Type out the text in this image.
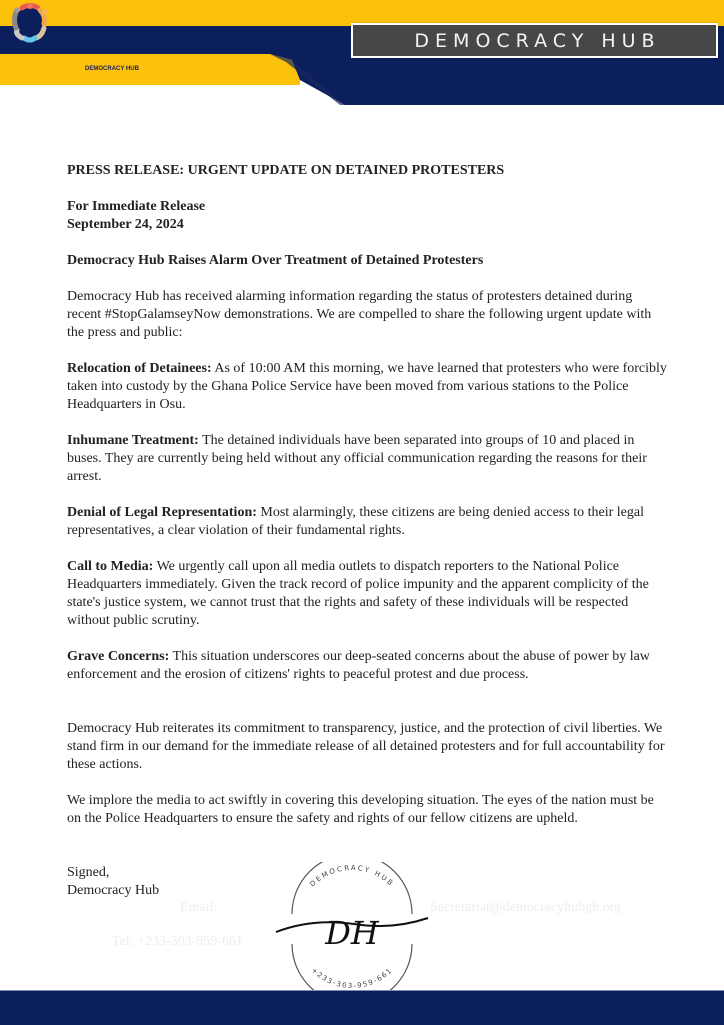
DEMOCRACY HUB
DEMOCRACY HUB
PRESS RELEASE: URGENT UPDATE ON DETAINED PROTESTERS
For Immediate Release
September 24, 2024
Democracy Hub Raises Alarm Over Treatment of Detained Protesters

Democracy Hub has received alarming information regarding the status of protesters detained during recent #StopGalamseyNow demonstrations. We are compelled to share the following urgent update with the press and public:

Relocation of Detainees: As of 10:00 AM this morning, we have learned that protesters who were forcibly taken into custody by the Ghana Police Service have been moved from various stations to the Police Headquarters in Osu.

Inhumane Treatment: The detained individuals have been separated into groups of 10 and placed in buses. They are currently being held without any official communication regarding the reasons for their arrest.

Denial of Legal Representation: Most alarmingly, these citizens are being denied access to their legal representatives, a clear violation of their fundamental rights.

Call to Media: We urgently call upon all media outlets to dispatch reporters to the National Police Headquarters immediately. Given the track record of police impunity and the apparent complicity of the state's justice system, we cannot trust that the rights and safety of these individuals will be respected without public scrutiny.

Grave Concerns: This situation underscores our deep-seated concerns about the abuse of power by law enforcement and the erosion of citizens' rights to peaceful protest and due process.

Democracy Hub reiterates its commitment to transparency, justice, and the protection of civil liberties. We stand firm in our demand for the immediate release of all detained protesters and for full accountability for these actions.

We implore the media to act swiftly in covering this developing situation. The eyes of the nation must be on the Police Headquarters to ensure the safety and rights of our fellow citizens are upheld.

Signed,
Democracy Hub
Email:
Tel: +233-303-959-661
Secretariat@democracyhubgh.org
DEMOCRACY HUB
+233-303-959-661
DH
